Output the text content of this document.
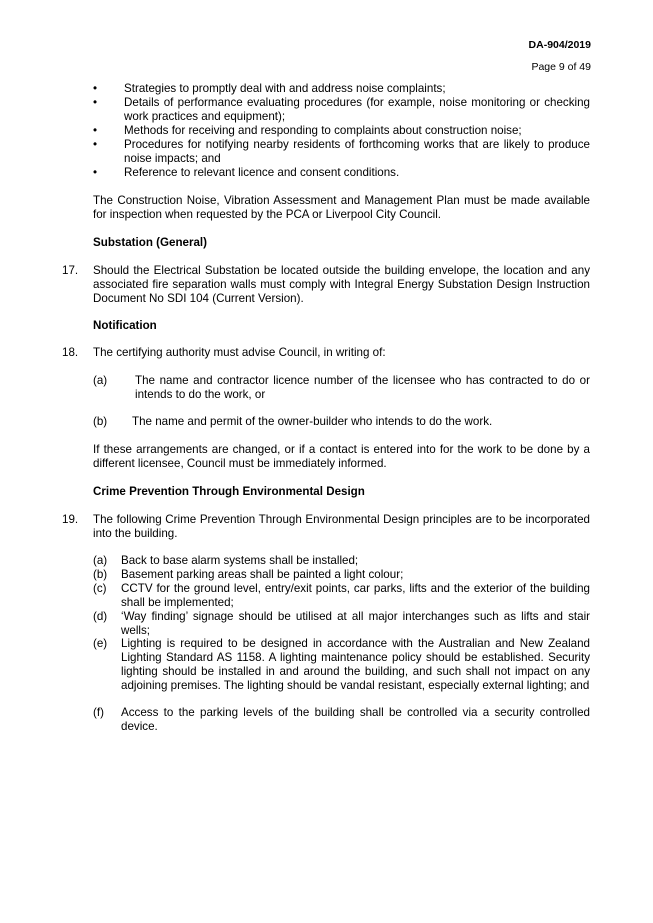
DA-904/2019
Page 9 of 49
• Strategies to promptly deal with and address noise complaints;
• Details of performance evaluating procedures (for example, noise monitoring or checking work practices and equipment);
• Methods for receiving and responding to complaints about construction noise;
• Procedures for notifying nearby residents of forthcoming works that are likely to produce noise impacts; and
• Reference to relevant licence and consent conditions.
The Construction Noise, Vibration Assessment and Management Plan must be made available for inspection when requested by the PCA or Liverpool City Council.
Substation (General)
17. Should the Electrical Substation be located outside the building envelope, the location and any associated fire separation walls must comply with Integral Energy Substation Design Instruction Document No SDI 104 (Current Version).
Notification
18. The certifying authority must advise Council, in writing of:
(a) The name and contractor licence number of the licensee who has contracted to do or intends to do the work, or
(b) The name and permit of the owner-builder who intends to do the work.
If these arrangements are changed, or if a contact is entered into for the work to be done by a different licensee, Council must be immediately informed.
Crime Prevention Through Environmental Design
19. The following Crime Prevention Through Environmental Design principles are to be incorporated into the building.
(a) Back to base alarm systems shall be installed;
(b) Basement parking areas shall be painted a light colour;
(c) CCTV for the ground level, entry/exit points, car parks, lifts and the exterior of the building shall be implemented;
(d) ‘Way finding’ signage should be utilised at all major interchanges such as lifts and stair wells;
(e) Lighting is required to be designed in accordance with the Australian and New Zealand Lighting Standard AS 1158. A lighting maintenance policy should be established. Security lighting should be installed in and around the building, and such shall not impact on any adjoining premises. The lighting should be vandal resistant, especially external lighting; and
(f) Access to the parking levels of the building shall be controlled via a security controlled device.
